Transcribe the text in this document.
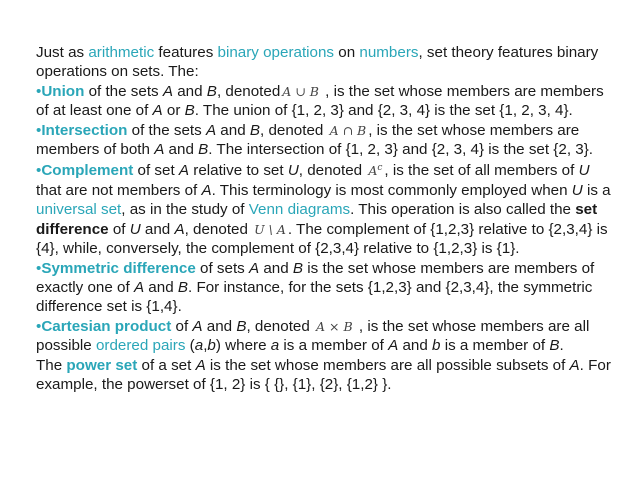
Just as arithmetic features binary operations on numbers, set theory features binary operations on sets. The:

•Union of the sets A and B, denoted A ∪ B , is the set whose members are members of at least one of A or B. The union of {1, 2, 3} and {2, 3, 4} is the set {1, 2, 3, 4}.

•Intersection of the sets A and B, denoted A ∩ B , is the set whose members are members of both A and B. The intersection of {1, 2, 3} and {2, 3, 4} is the set {2, 3}.

•Complement of set A relative to set U, denoted $A^c$ , is the set of all members of U that are not members of A. This terminology is most commonly employed when U is a universal set, as in the study of Venn diagrams. This operation is also called the set difference of U and A, denoted U \ A . The complement of {1,2,3} relative to {2,3,4} is {4}, while, conversely, the complement of {2,3,4} relative to {1,2,3} is {1}.

•Symmetric difference of sets A and B is the set whose members are members of exactly one of A and B. For instance, for the sets {1,2,3} and {2,3,4}, the symmetric difference set is {1,4}.

•Cartesian product of A and B, denoted A × B , is the set whose members are all possible ordered pairs (a,b) where a is a member of A and b is a member of B.

The power set of a set A is the set whose members are all possible subsets of A. For example, the powerset of {1, 2} is { {}, {1}, {2}, {1,2} }.
